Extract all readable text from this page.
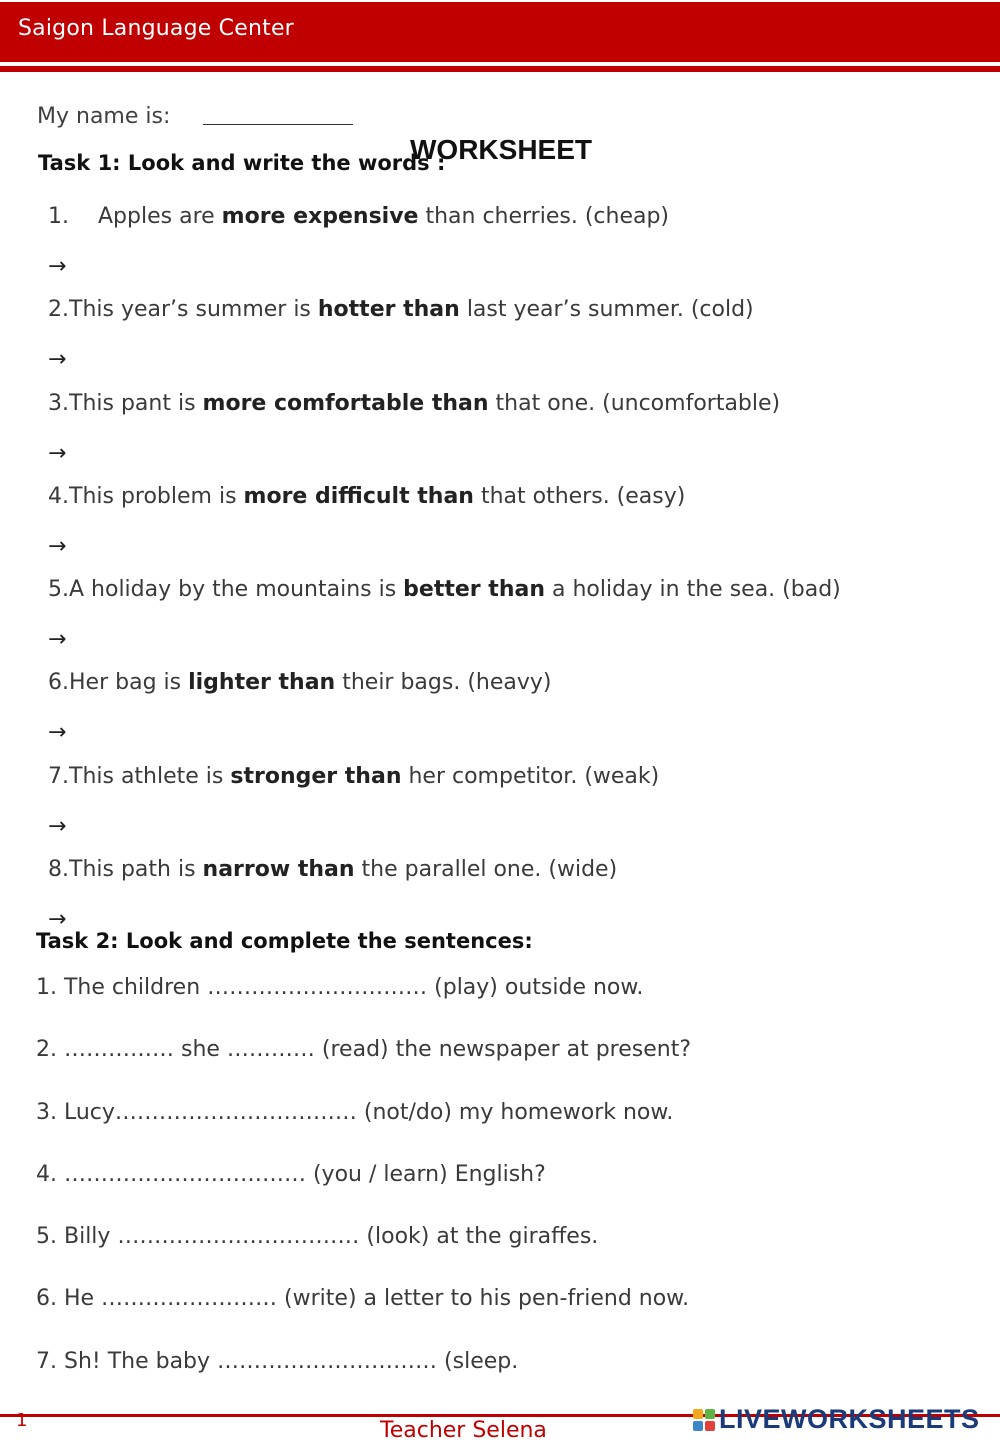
Saigon Language Center
My name is:
Task 1: Look and write the words :
WORKSHEET
1. Apples are more expensive than cherries. (cheap)
→
2.This year’s summer is hotter than last year’s summer. (cold)
→
3.This pant is more comfortable than that one. (uncomfortable)
→
4.This problem is more difficult than that others. (easy)
→
5.A holiday by the mountains is better than a holiday in the sea. (bad)
→
6.Her bag is lighter than their bags. (heavy)
→
7.This athlete is stronger than her competitor. (weak)
→
8.This path is narrow than the parallel one. (wide)
→
Task 2: Look and complete the sentences:
1. The children ………………………… (play) outside now.
2. …………… she ………… (read) the newspaper at present?
3. Lucy…………………………… (not/do) my homework now.
4. …………………………… (you / learn) English?
5. Billy …………………………… (look) at the giraffes.
6. He …………………… (write) a letter to his pen-friend now.
7. Sh! The baby ………………………… (sleep.
1	Teacher Selena	LIVEWORKSHEETS
